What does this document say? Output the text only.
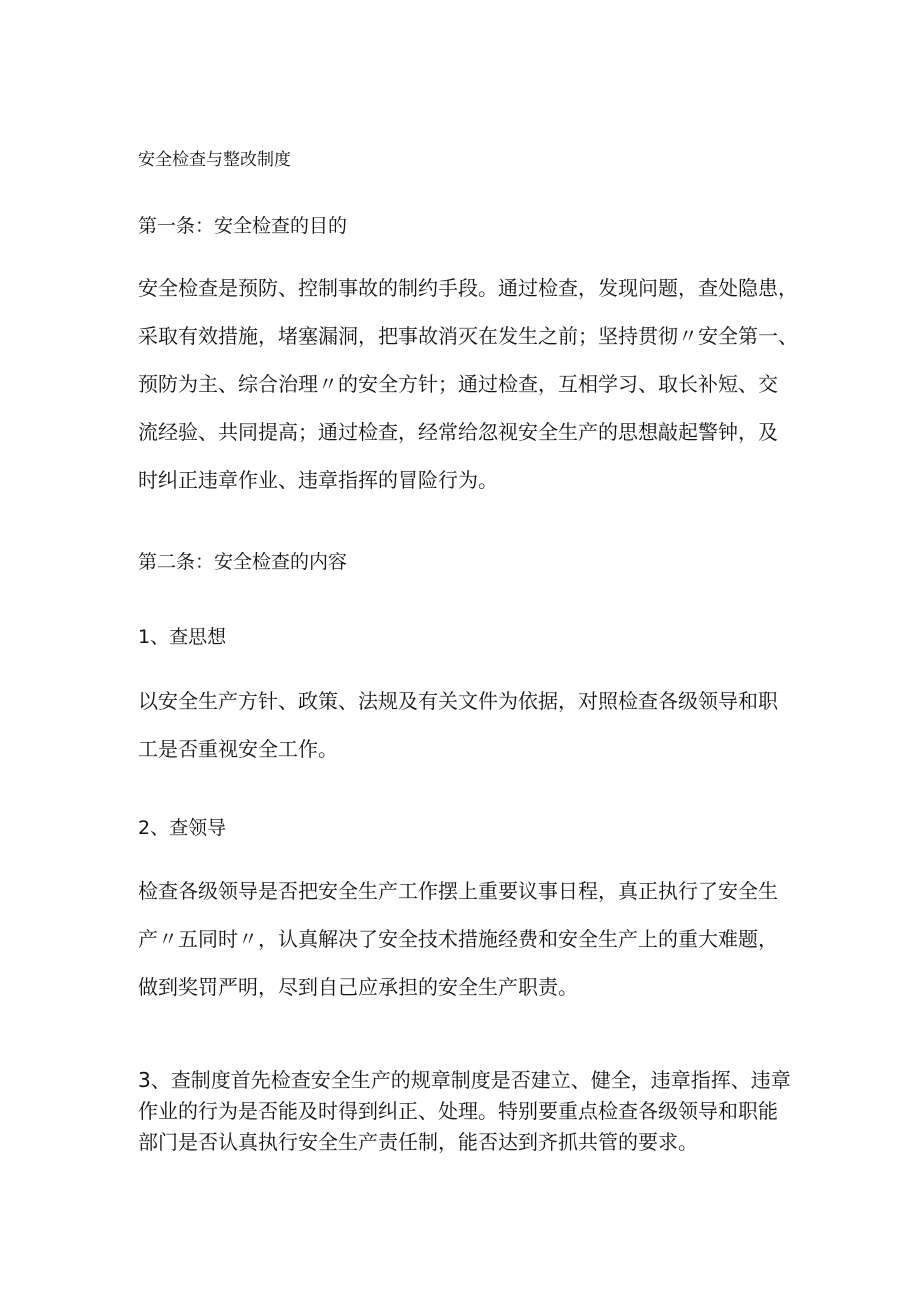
安全检查与整改制度
第一条：安全检查的目的
安全检查是预防、控制事故的制约手段。通过检查，发现问题，查处隐患，
采取有效措施，堵塞漏洞，把事故消灭在发生之前；坚持贯彻〃安全第一、
预防为主、综合治理〃的安全方针；通过检查，互相学习、取长补短、交
流经验、共同提高；通过检查，经常给忽视安全生产的思想敲起警钟，及
时纠正违章作业、违章指挥的冒险行为。
第二条：安全检查的内容
1、查思想
以安全生产方针、政策、法规及有关文件为依据，对照检查各级领导和职
工是否重视安全工作。
2、查领导
检查各级领导是否把安全生产工作摆上重要议事日程，真正执行了安全生
产〃五同时〃，认真解决了安全技术措施经费和安全生产上的重大难题，
做到奖罚严明，尽到自己应承担的安全生产职责。
3、查制度首先检查安全生产的规章制度是否建立、健全，违章指挥、违章
作业的行为是否能及时得到纠正、处理。特别要重点检查各级领导和职能
部门是否认真执行安全生产责任制，能否达到齐抓共管的要求。
